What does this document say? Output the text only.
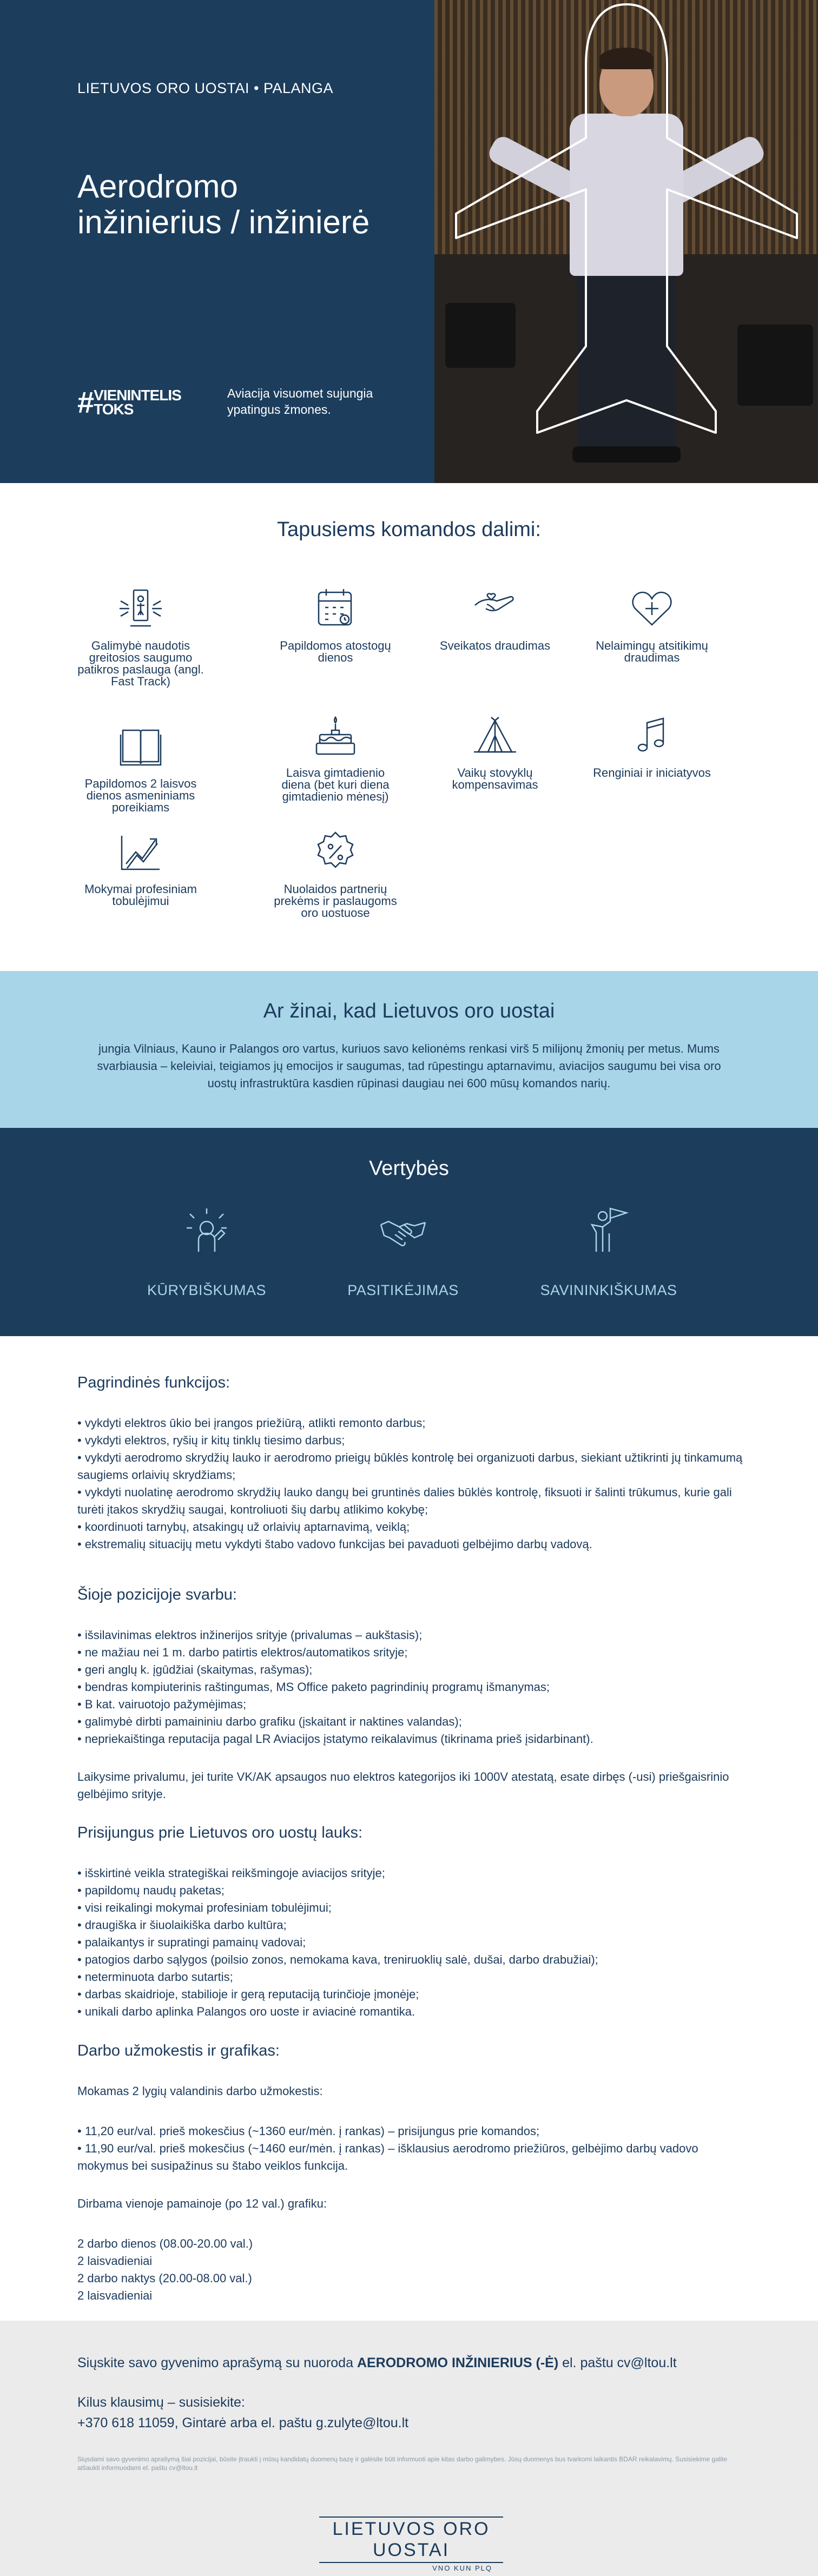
LIETUVOS ORO UOSTAI • PALANGA
Aerodromo
inžinierius / inžinierė
#VIENINTELIS
TOKS
Aviacija visuomet sujungia ypatingus žmones.
Tapusiems komandos dalimi:
Galimybė naudotis greitosios saugumo patikros paslauga (angl. Fast Track)
Papildomos atostogų dienos
Sveikatos draudimas	Nelaimingų atsitikimų draudimas
Papildomos 2 laisvos dienos asmeniniams poreikiams
Laisva gimtadienio diena (bet kuri diena gimtadienio mėnesį)
Vaikų stovyklų kompensavimas
Renginiai ir iniciatyvos
Mokymai profesiniam tobulėjimui
Nuolaidos partnerių prekėms ir paslaugoms oro uostuose
Ar žinai, kad Lietuvos oro uostai
jungia Vilniaus, Kauno ir Palangos oro vartus, kuriuos savo kelionėms renkasi virš 5 milijonų žmonių per metus. Mums svarbiausia – keleiviai, teigiamos jų emocijos ir saugumas, tad rūpestingu aptarnavimu, aviacijos saugumu bei visa oro uostų infrastruktūra kasdien rūpinasi daugiau nei 600 mūsų komandos narių.
Vertybės
KŪRYBIŠKUMAS	PASITIKĖJIMAS	SAVININKIŠKUMAS
Pagrindinės funkcijos:
• vykdyti elektros ūkio bei įrangos priežiūrą, atlikti remonto darbus;
• vykdyti elektros, ryšių ir kitų tinklų tiesimo darbus;
• vykdyti aerodromo skrydžių lauko ir aerodromo prieigų būklės kontrolę bei organizuoti darbus, siekiant užtikrinti jų tinkamumą saugiems orlaivių skrydžiams;
• vykdyti nuolatinę aerodromo skrydžių lauko dangų bei gruntinės dalies būklės kontrolę, fiksuoti ir šalinti trūkumus, kurie gali turėti įtakos skrydžių saugai, kontroliuoti šių darbų atlikimo kokybę;
• koordinuoti tarnybų, atsakingų už orlaivių aptarnavimą, veiklą;
• ekstremalių situacijų metu vykdyti štabo vadovo funkcijas bei pavaduoti gelbėjimo darbų vadovą.
Šioje pozicijoje svarbu:
• išsilavinimas elektros inžinerijos srityje (privalumas – aukštasis);
• ne mažiau nei 1 m. darbo patirtis elektros/automatikos srityje;
• geri anglų k. įgūdžiai (skaitymas, rašymas);
• bendras kompiuterinis raštingumas, MS Office paketo pagrindinių programų išmanymas;
• B kat. vairuotojo pažymėjimas;
• galimybė dirbti pamaininiu darbo grafiku (įskaitant ir naktines valandas);
• nepriekaištinga reputacija pagal LR Aviacijos įstatymo reikalavimus (tikrinama prieš įsidarbinant).
Laikysime privalumu, jei turite VK/AK apsaugos nuo elektros kategorijos iki 1000V atestatą, esate dirbęs (-usi) priešgaisrinio gelbėjimo srityje.
Prisijungus prie Lietuvos oro uostų lauks:
• išskirtinė veikla strategiškai reikšmingoje aviacijos srityje;
• papildomų naudų paketas;
• visi reikalingi mokymai profesiniam tobulėjimui;
• draugiška ir šiuolaikiška darbo kultūra;
• palaikantys ir supratingi pamainų vadovai;
• patogios darbo sąlygos (poilsio zonos, nemokama kava, treniruoklių salė, dušai, darbo drabužiai);
• neterminuota darbo sutartis;
• darbas skaidrioje, stabilioje ir gerą reputaciją turinčioje įmonėje;
• unikali darbo aplinka Palangos oro uoste ir aviacinė romantika.
Darbo užmokestis ir grafikas:
Mokamas 2 lygių valandinis darbo užmokestis:
• 11,20 eur/val. prieš mokesčius (~1360 eur/mėn. į rankas) – prisijungus prie komandos;
• 11,90 eur/val. prieš mokesčius (~1460 eur/mėn. į rankas) – išklausius aerodromo priežiūros, gelbėjimo darbų vadovo mokymus bei susipažinus su štabo veiklos funkcija.
Dirbama vienoje pamainoje (po 12 val.) grafiku:
2 darbo dienos (08.00-20.00 val.)
2 laisvadieniai
2 darbo naktys (20.00-08.00 val.)
2 laisvadieniai
Siųskite savo gyvenimo aprašymą su nuoroda AERODROMO INŽINIERIUS (-Ė) el. paštu cv@ltou.lt
Kilus klausimų – susisiekite:
+370 618 11059, Gintarė arba el. paštu g.zulyte@ltou.lt
Siųsdami savo gyvenimo aprašymą šiai pozicijai, būsite įtraukti į mūsų kandidatų duomenų bazę ir galėsite būti informuoti apie kitas darbo galimybes. Jūsų duomenys bus tvarkomi laikantis BDAR reikalavimų. Susisiekime galite atšaukti informuodami el. paštu cv@ltou.lt
LIETUVOS ORO UOSTAI
VNO KUN PLQ
